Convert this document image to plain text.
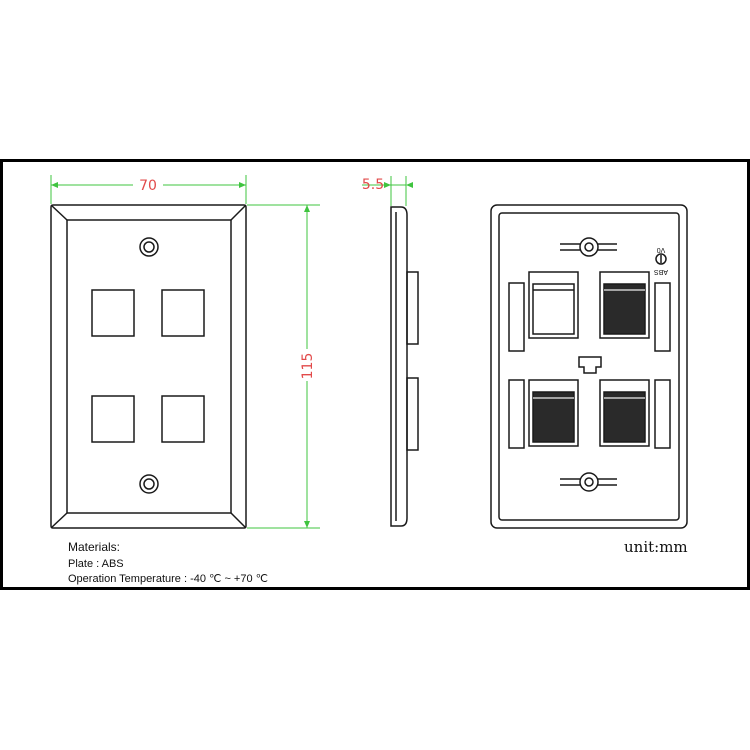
70
115
5.5
V0
ABS
Materials:
Plate : ABS
Operation Temperature : -40 ℃ ~ +70 ℃
unit:mm
